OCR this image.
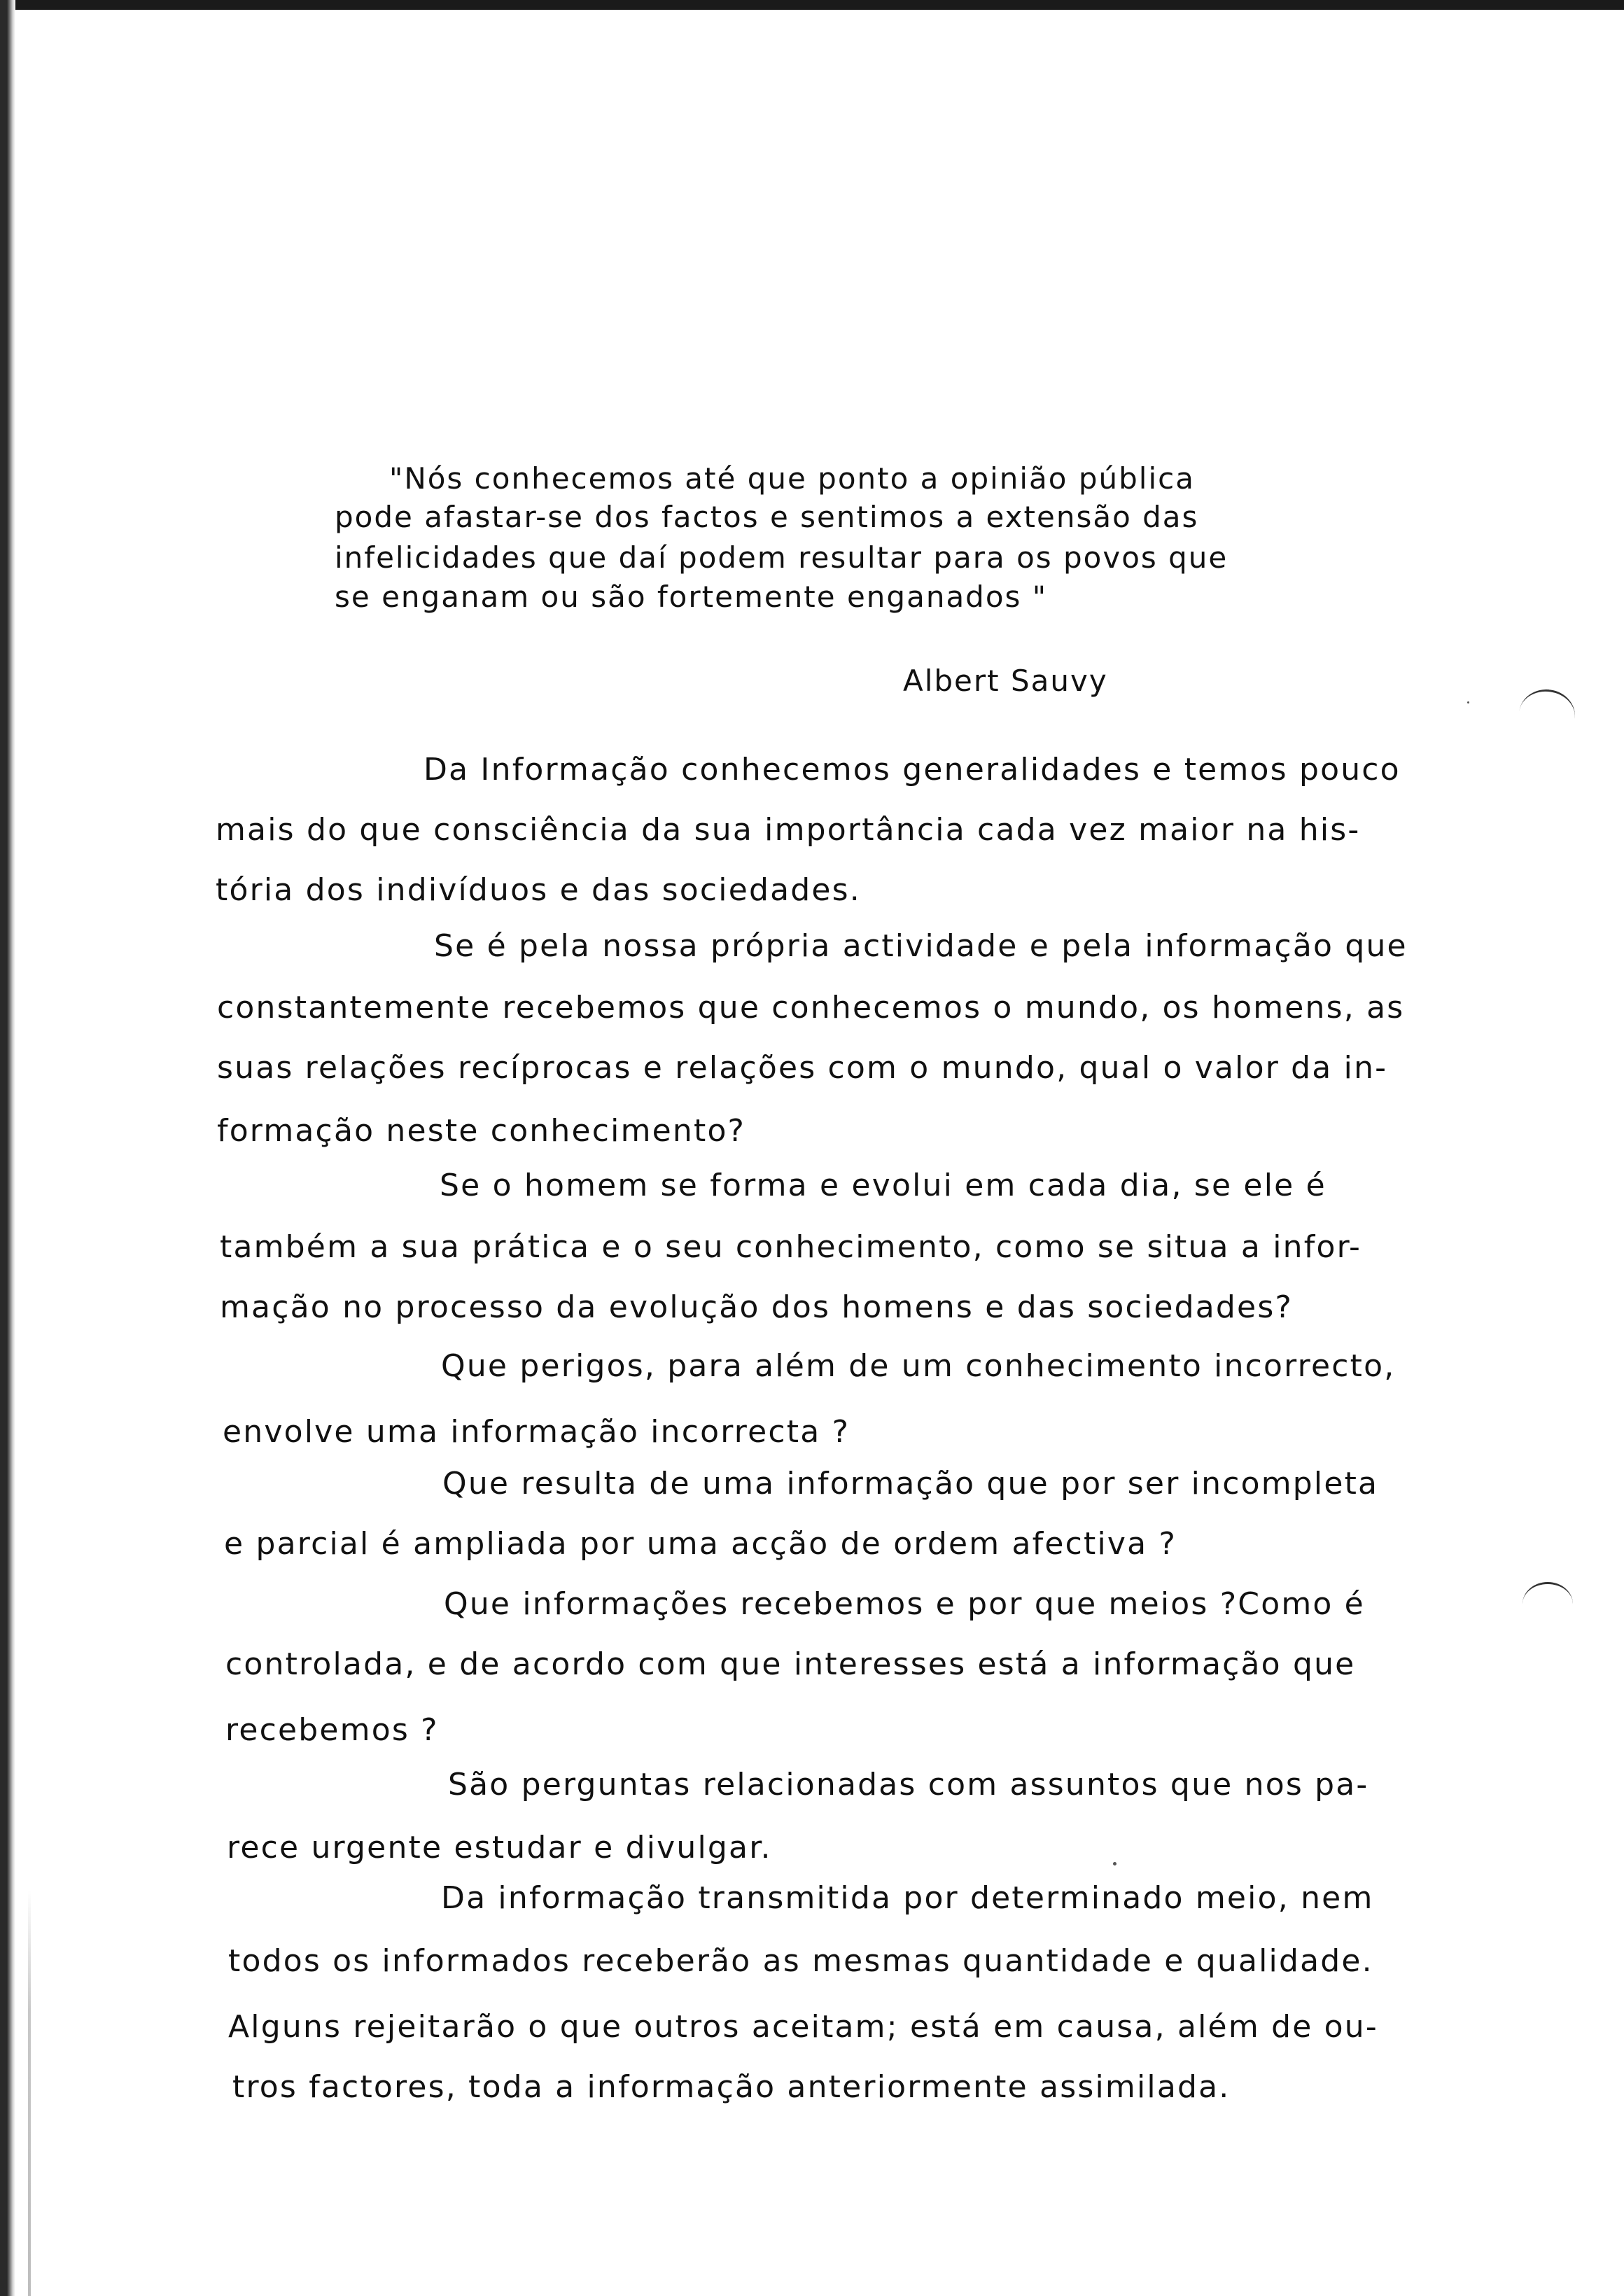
"Nós conhecemos até que ponto a opinião pública
pode afastar-se dos factos e sentimos a extensão das
infelicidades que daí podem resultar para os povos que
se enganam ou são fortemente enganados "
Albert Sauvy
Da Informação conhecemos generalidades e temos pouco
mais do que consciência da sua importância cada vez maior na his-
tória dos indivíduos e das sociedades.
Se é pela nossa própria actividade e pela informação que
constantemente recebemos que conhecemos o mundo, os homens, as
suas relações recíprocas e relações com o mundo, qual o valor da in-
formação neste conhecimento?
Se o homem se forma e evolui em cada dia, se ele é
também a sua prática e o seu conhecimento, como se situa a infor-
mação no processo da evolução dos homens e das sociedades?
Que perigos, para além de um conhecimento incorrecto,
envolve uma informação incorrecta ?
Que resulta de uma informação que por ser incompleta
e parcial é ampliada por uma acção de ordem afectiva ?
Que informações recebemos e por que meios ?Como é
controlada, e de acordo com que interesses está a informação que
recebemos ?
São perguntas relacionadas com assuntos que nos pa-
rece urgente estudar e divulgar.
Da informação transmitida por determinado meio, nem
todos os informados receberão as mesmas quantidade e qualidade.
Alguns rejeitarão o que outros aceitam; está em causa, além de ou-
tros factores, toda a informação anteriormente assimilada.
